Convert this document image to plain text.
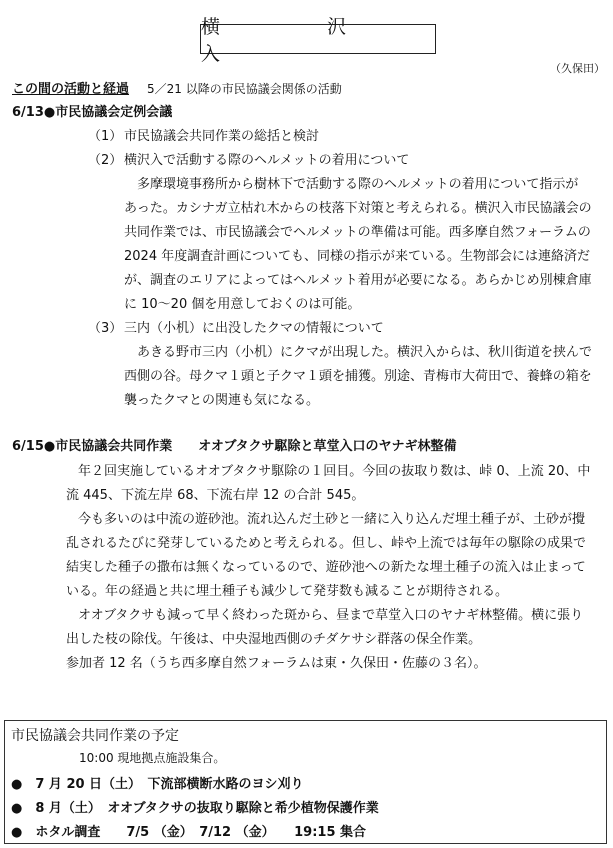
横　沢　入
（久保田）
この間の活動と経過 5／21 以降の市民協議会関係の活動
6/13●市民協議会定例会議
（1） 市民協議会共同作業の総括と検討
（2） 横沢入で活動する際のヘルメットの着用について
多摩環境事務所から樹林下で活動する際のヘルメットの着用について指示が
あった。カシナガ立枯れ木からの枝落下対策と考えられる。横沢入市民協議会の
共同作業では、市民協議会でヘルメットの準備は可能。西多摩自然フォーラムの
2024 年度調査計画についても、同様の指示が来ている。生物部会には連絡済だ
が、調査のエリアによってはヘルメット着用が必要になる。あらかじめ別棟倉庫
に 10～20 個を用意しておくのは可能。
（3） 三内（小机）に出没したクマの情報について
あきる野市三内（小机）にクマが出現した。横沢入からは、秋川街道を挟んで
西側の谷。母クマ１頭と子クマ１頭を捕獲。別途、青梅市大荷田で、養蜂の箱を
襲ったクマとの関連も気になる。
6/15●市民協議会共同作業　　オオブタクサ駆除と草堂入口のヤナギ林整備
年２回実施しているオオブタクサ駆除の１回目。今回の抜取り数は、峠 0、上流 20、中
流 445、下流左岸 68、下流右岸 12 の合計 545。
今も多いのは中流の遊砂池。流れ込んだ土砂と一緒に入り込んだ埋土種子が、土砂が攪
乱されるたびに発芽しているためと考えられる。但し、峠や上流では毎年の駆除の成果で
結実した種子の撒布は無くなっているので、遊砂池への新たな埋土種子の流入は止まって
いる。年の経過と共に埋土種子も減少して発芽数も減ることが期待される。
オオブタクサも減って早く終わった斑から、昼まで草堂入口のヤナギ林整備。横に張り
出した枝の除伐。午後は、中央湿地西側のチダケサシ群落の保全作業。
参加者 12 名（うち西多摩自然フォーラムは東・久保田・佐藤の３名）。
市民協議会共同作業の予定
10:00 現地拠点施設集合。
●　7 月 20 日（土）　下流部横断水路のヨシ刈り
●　8 月（土）　オオブタクサの抜取り駆除と希少植物保護作業
●　ホタル調査　　7/5 （金）　7/12 （金）　　19:15 集合
